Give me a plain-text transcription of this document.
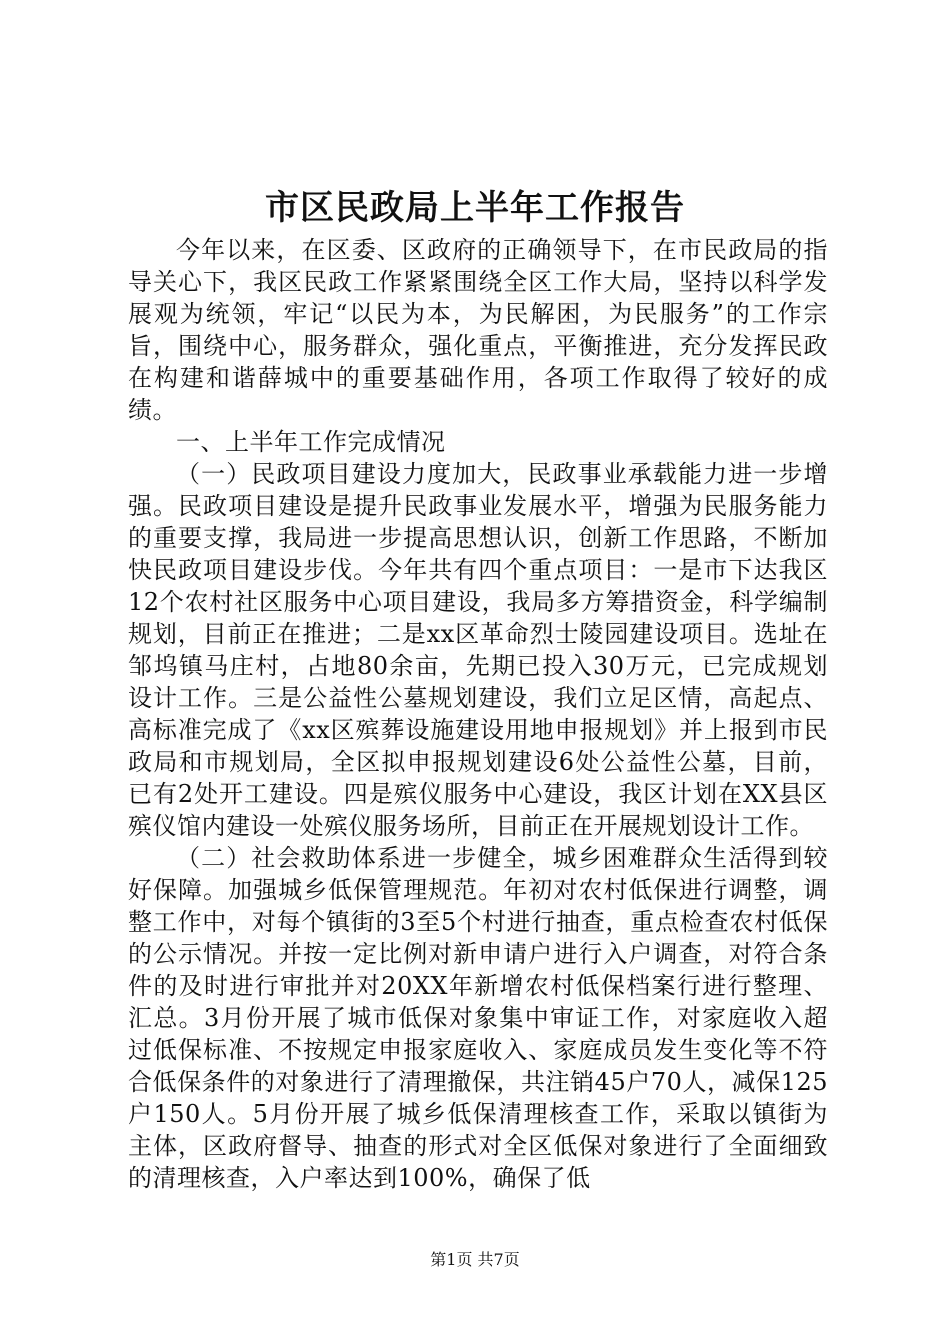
市区民政局上半年工作报告

今年以来，在区委、区政府的正确领导下，在市民政局的指导关心下，我区民政工作紧紧围绕全区工作大局，坚持以科学发展观为统领，牢记“以民为本，为民解困，为民服务”的工作宗旨，围绕中心，服务群众，强化重点，平衡推进，充分发挥民政在构建和谐薛城中的重要基础作用，各项工作取得了较好的成绩。

一、上半年工作完成情况

（一）民政项目建设力度加大，民政事业承载能力进一步增强。民政项目建设是提升民政事业发展水平，增强为民服务能力的重要支撑，我局进一步提高思想认识，创新工作思路，不断加快民政项目建设步伐。今年共有四个重点项目：一是市下达我区12个农村社区服务中心项目建设，我局多方筹措资金，科学编制规划，目前正在推进；二是xx区革命烈士陵园建设项目。选址在邹坞镇马庄村，占地80余亩，先期已投入30万元，已完成规划设计工作。三是公益性公墓规划建设，我们立足区情，高起点、高标准完成了《xx区殡葬设施建设用地申报规划》并上报到市民政局和市规划局，全区拟申报规划建设6处公益性公墓，目前，已有2处开工建设。四是殡仪服务中心建设，我区计划在XX县区殡仪馆内建设一处殡仪服务场所，目前正在开展规划设计工作。

（二）社会救助体系进一步健全，城乡困难群众生活得到较好保障。加强城乡低保管理规范。年初对农村低保进行调整，调整工作中，对每个镇街的3至5个村进行抽查，重点检查农村低保的公示情况。并按一定比例对新申请户进行入户调查，对符合条件的及时进行审批并对20XX年新增农村低保档案行进行整理、汇总。3月份开展了城市低保对象集中审证工作，对家庭收入超过低保标准、不按规定申报家庭收入、家庭成员发生变化等不符合低保条件的对象进行了清理撤保，共注销45户70人，减保125户150人。5月份开展了城乡低保清理核查工作，采取以镇街为主体，区政府督导、抽查的形式对全区低保对象进行了全面细致的清理核查，入户率达到100%，确保了低

第1页 共7页
